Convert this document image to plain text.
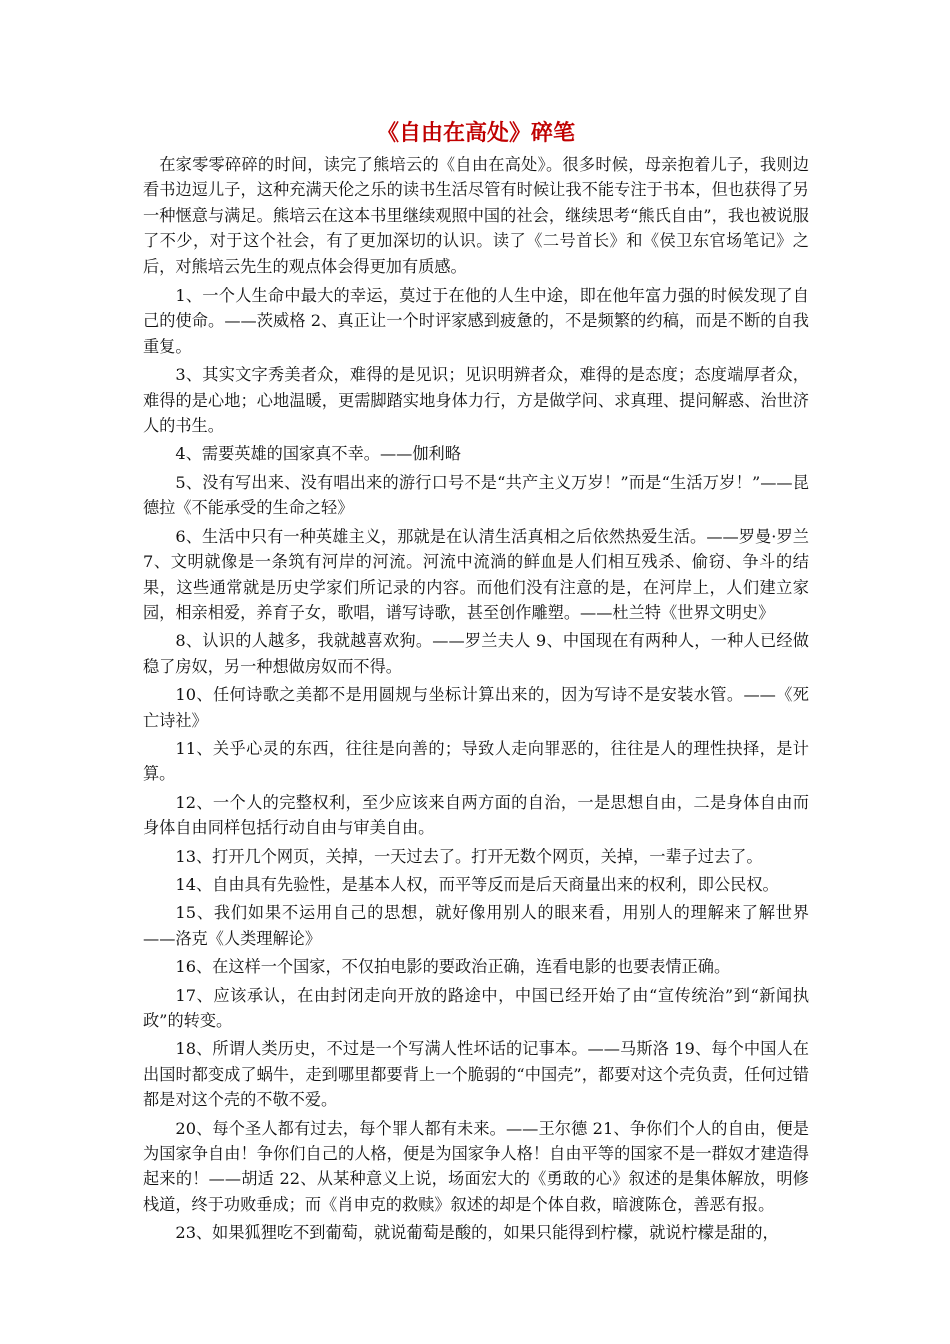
《自由在高处》碎笔

在家零零碎碎的时间，读完了熊培云的《自由在高处》。很多时候，母亲抱着儿子，我则边看书边逗儿子，这种充满天伦之乐的读书生活尽管有时候让我不能专注于书本，但也获得了另一种惬意与满足。熊培云在这本书里继续观照中国的社会，继续思考“熊氏自由”，我也被说服了不少，对于这个社会，有了更加深切的认识。读了《二号首长》和《侯卫东官场笔记》之后，对熊培云先生的观点体会得更加有质感。

1、一个人生命中最大的幸运，莫过于在他的人生中途，即在他年富力强的时候发现了自己的使命。——茨威格 2、真正让一个时评家感到疲惫的，不是频繁的约稿，而是不断的自我重复。

3、其实文字秀美者众，难得的是见识；见识明辨者众，难得的是态度；态度端厚者众，难得的是心地；心地温暖，更需脚踏实地身体力行，方是做学问、求真理、提问解惑、治世济人的书生。

4、需要英雄的国家真不幸。——伽利略

5、没有写出来、没有唱出来的游行口号不是“共产主义万岁！”而是“生活万岁！”——昆德拉《不能承受的生命之轻》

6、生活中只有一种英雄主义，那就是在认清生活真相之后依然热爱生活。——罗曼·罗兰 7、文明就像是一条筑有河岸的河流。河流中流淌的鲜血是人们相互残杀、偷窃、争斗的结果，这些通常就是历史学家们所记录的内容。而他们没有注意的是，在河岸上，人们建立家园，相亲相爱，养育子女，歌唱，谱写诗歌，甚至创作雕塑。——杜兰特《世界文明史》

8、认识的人越多，我就越喜欢狗。——罗兰夫人 9、中国现在有两种人，一种人已经做稳了房奴，另一种想做房奴而不得。

10、任何诗歌之美都不是用圆规与坐标计算出来的，因为写诗不是安装水管。——《死亡诗社》

11、关乎心灵的东西，往往是向善的；导致人走向罪恶的，往往是人的理性抉择，是计算。

12、一个人的完整权利，至少应该来自两方面的自治，一是思想自由，二是身体自由而身体自由同样包括行动自由与审美自由。

13、打开几个网页，关掉，一天过去了。打开无数个网页，关掉，一辈子过去了。

14、自由具有先验性，是基本人权，而平等反而是后天商量出来的权利，即公民权。

15、我们如果不运用自己的思想，就好像用别人的眼来看，用别人的理解来了解世界——洛克《人类理解论》

16、在这样一个国家，不仅拍电影的要政治正确，连看电影的也要表情正确。

17、应该承认，在由封闭走向开放的路途中，中国已经开始了由“宣传统治”到“新闻执政”的转变。

18、所谓人类历史，不过是一个写满人性坏话的记事本。——马斯洛 19、每个中国人在出国时都变成了蜗牛，走到哪里都要背上一个脆弱的“中国壳”，都要对这个壳负责，任何过错都是对这个壳的不敬不爱。

20、每个圣人都有过去，每个罪人都有未来。——王尔德 21、争你们个人的自由，便是为国家争自由！争你们自己的人格，便是为国家争人格！自由平等的国家不是一群奴才建造得起来的！——胡适 22、从某种意义上说，场面宏大的《勇敢的心》叙述的是集体解放，明修栈道，终于功败垂成；而《肖申克的救赎》叙述的却是个体自救，暗渡陈仓，善恶有报。

23、如果狐狸吃不到葡萄，就说葡萄是酸的，如果只能得到柠檬，就说柠檬是甜的，
